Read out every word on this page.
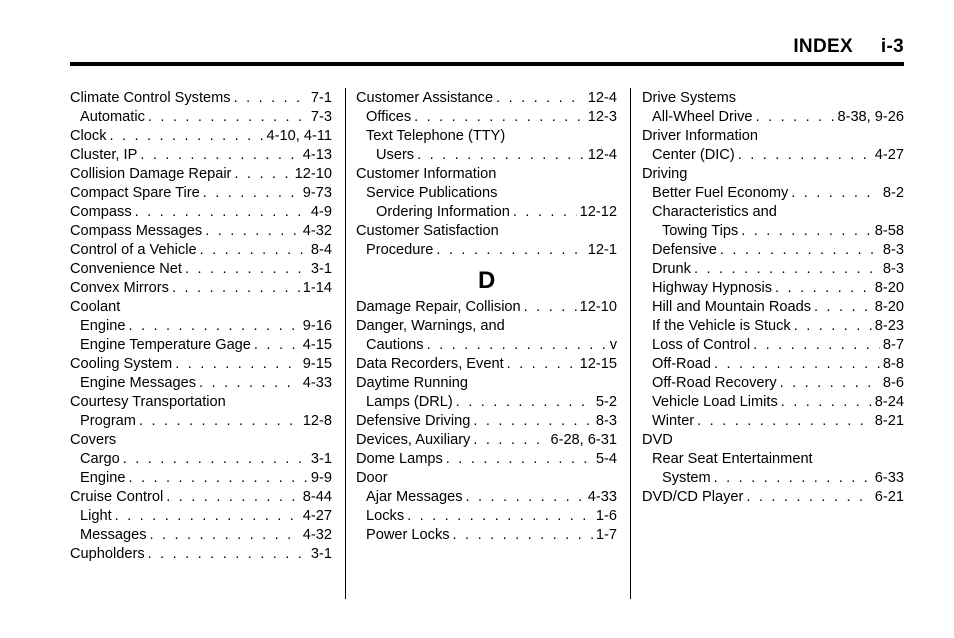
INDEX i-3
Climate Control Systems . . .	7-1
Automatic . . .	7-3
Clock . . .	4-10, 4-11
Cluster, IP . . .	4-13
Collision Damage Repair . . .	12-10
Compact Spare Tire . . .	9-73
Compass . . .	4-9
Compass Messages . . .	4-32
Control of a Vehicle . . .	8-4
Convenience Net . . .	3-1
Convex Mirrors . . .	1-14
Coolant
Engine . . .	9-16
Engine Temperature Gage . . .	4-15
Cooling System . . .	9-15
Engine Messages . . .	4-33
Courtesy Transportation
Program . . .	12-8
Covers
Cargo . . .	3-1
Engine . . .	9-9
Cruise Control . . .	8-44
Light . . .	4-27
Messages . . .	4-32
Cupholders . . .	3-1
Customer Assistance . . .	12-4
Offices . . .	12-3
Text Telephone (TTY)
Users . . .	12-4
Customer Information
Service Publications
Ordering Information . . .	12-12
Customer Satisfaction
Procedure . . .	12-1
D
Damage Repair, Collision . . .	12-10
Danger, Warnings, and
Cautions . . .	v
Data Recorders, Event . . .	12-15
Daytime Running
Lamps (DRL) . . .	5-2
Defensive Driving . . .	8-3
Devices, Auxiliary . . .	6-28, 6-31
Dome Lamps . . .	5-4
Door
Ajar Messages . . .	4-33
Locks . . .	1-6
Power Locks . . .	1-7
Drive Systems
All-Wheel Drive . . .	8-38, 9-26
Driver Information
Center (DIC) . . .	4-27
Driving
Better Fuel Economy . . .	8-2
Characteristics and
Towing Tips . . .	8-58
Defensive . . .	8-3
Drunk . . .	8-3
Highway Hypnosis . . .	8-20
Hill and Mountain Roads . . .	8-20
If the Vehicle is Stuck . . .	8-23
Loss of Control . . .	8-7
Off-Road . . .	8-8
Off-Road Recovery . . .	8-6
Vehicle Load Limits . . .	8-24
Winter . . .	8-21
DVD
Rear Seat Entertainment
System . . .	6-33
DVD/CD Player . . .	6-21
